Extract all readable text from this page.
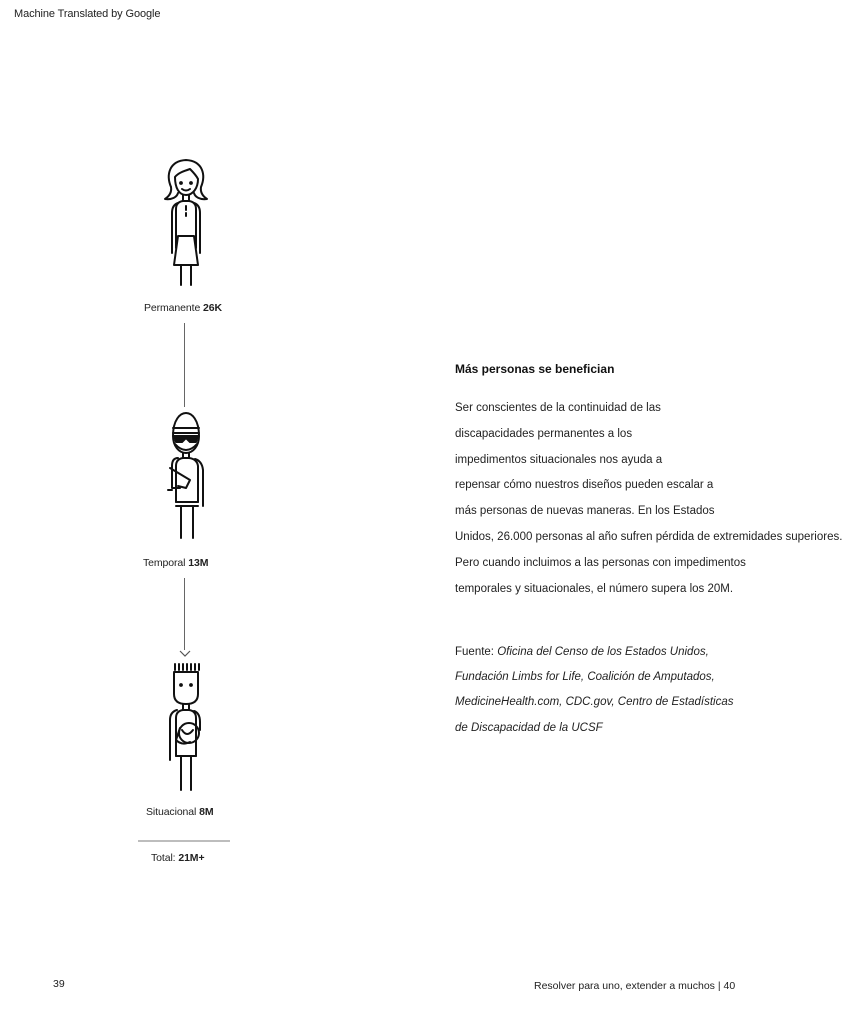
Machine Translated by Google
Permanente 26K
Temporal 13M
Situacional 8M
Total: 21M+
Más personas se benefician
Ser conscientes de la continuidad de las
discapacidades permanentes a los
impedimentos situacionales nos ayuda a
repensar cómo nuestros diseños pueden escalar a
más personas de nuevas maneras. En los Estados
Unidos, 26.000 personas al año sufren pérdida de extremidades superiores.
Pero cuando incluimos a las personas con impedimentos
temporales y situacionales, el número supera los 20M.
Fuente: Oficina del Censo de los Estados Unidos,
Fundación Limbs for Life, Coalición de Amputados,
MedicineHealth.com, CDC.gov, Centro de Estadísticas
de Discapacidad de la UCSF
39	Resolver para uno, extender a muchos | 40
